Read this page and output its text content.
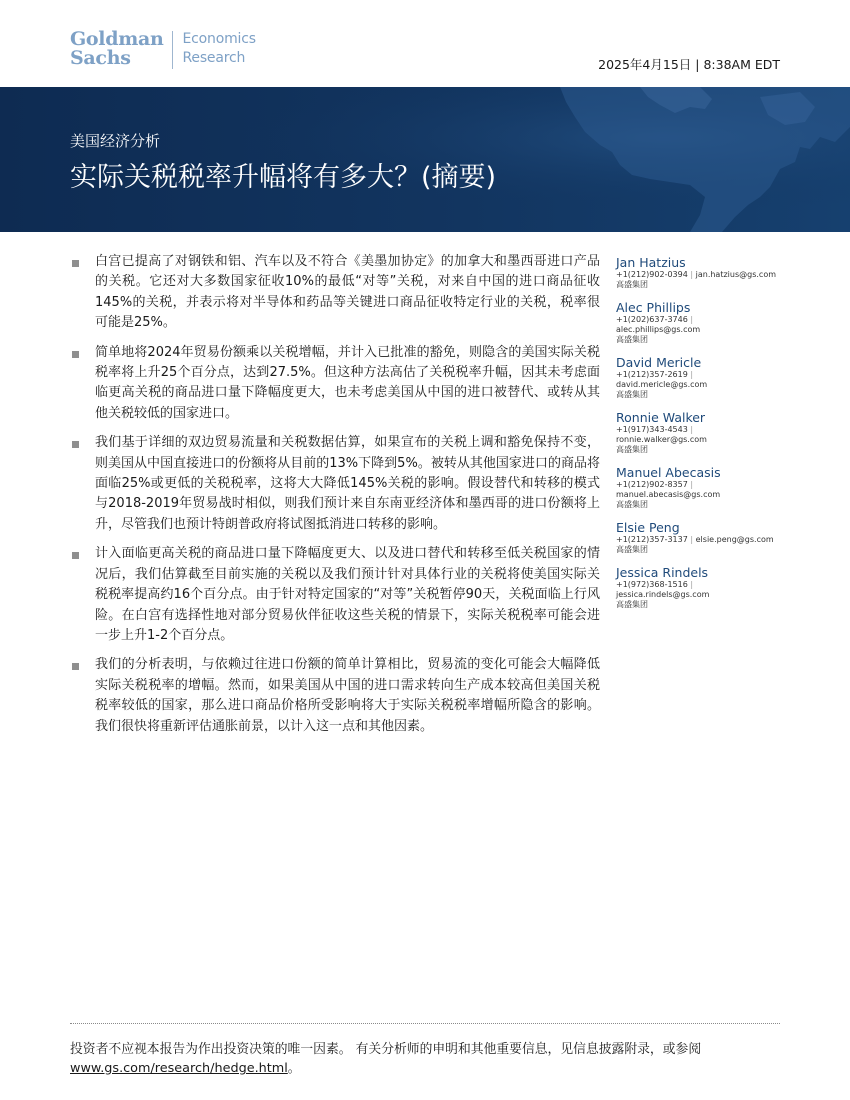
Goldman
Sachs
Economics
Research	2025年4月15日 | 8:38AM EDT
美国经济分析
实际关税税率升幅将有多大？(摘要)
白宫已提高了对钢铁和铝、汽车以及不符合《美墨加协定》的加拿大和墨西哥进口产品的关税。它还对大多数国家征收10%的最低“对等”关税，对来自中国的进口商品征收145%的关税，并表示将对半导体和药品等关键进口商品征收特定行业的关税，税率很可能是25%。
简单地将2024年贸易份额乘以关税增幅，并计入已批准的豁免，则隐含的美国实际关税税率将上升25个百分点，达到27.5%。但这种方法高估了关税税率升幅，因其未考虑面临更高关税的商品进口量下降幅度更大，也未考虑美国从中国的进口被替代、或转从其他关税较低的国家进口。
我们基于详细的双边贸易流量和关税数据估算，如果宣布的关税上调和豁免保持不变，则美国从中国直接进口的份额将从目前的13%下降到5%。被转从其他国家进口的商品将面临25%或更低的关税税率，这将大大降低145%关税的影响。假设替代和转移的模式与2018-2019年贸易战时相似，则我们预计来自东南亚经济体和墨西哥的进口份额将上升，尽管我们也预计特朗普政府将试图抵消进口转移的影响。
计入面临更高关税的商品进口量下降幅度更大、以及进口替代和转移至低关税国家的情况后，我们估算截至目前实施的关税以及我们预计针对具体行业的关税将使美国实际关税税率提高约16个百分点。由于针对特定国家的“对等”关税暂停90天，关税面临上行风险。在白宫有选择性地对部分贸易伙伴征收这些关税的情景下，实际关税税率可能会进一步上升1-2个百分点。
我们的分析表明，与依赖过往进口份额的简单计算相比，贸易流的变化可能会大幅降低实际关税税率的增幅。然而，如果美国从中国的进口需求转向生产成本较高但美国关税税率较低的国家，那么进口商品价格所受影响将大于实际关税税率增幅所隐含的影响。我们很快将重新评估通胀前景，以计入这一点和其他因素。
Jan Hatzius
+1(212)902-0394 | jan.hatzius@gs.com
高盛集团
Alec Phillips
+1(202)637-3746 |
alec.phillips@gs.com
高盛集团
David Mericle
+1(212)357-2619 |
david.mericle@gs.com
高盛集团
Ronnie Walker
+1(917)343-4543 |
ronnie.walker@gs.com
高盛集团
Manuel Abecasis
+1(212)902-8357 |
manuel.abecasis@gs.com
高盛集团
Elsie Peng
+1(212)357-3137 | elsie.peng@gs.com
高盛集团
Jessica Rindels
+1(972)368-1516 |
jessica.rindels@gs.com
高盛集团
投资者不应视本报告为作出投资决策的唯一因素。 有关分析师的申明和其他重要信息，见信息披露附录，或参阅
www.gs.com/research/hedge.html。
